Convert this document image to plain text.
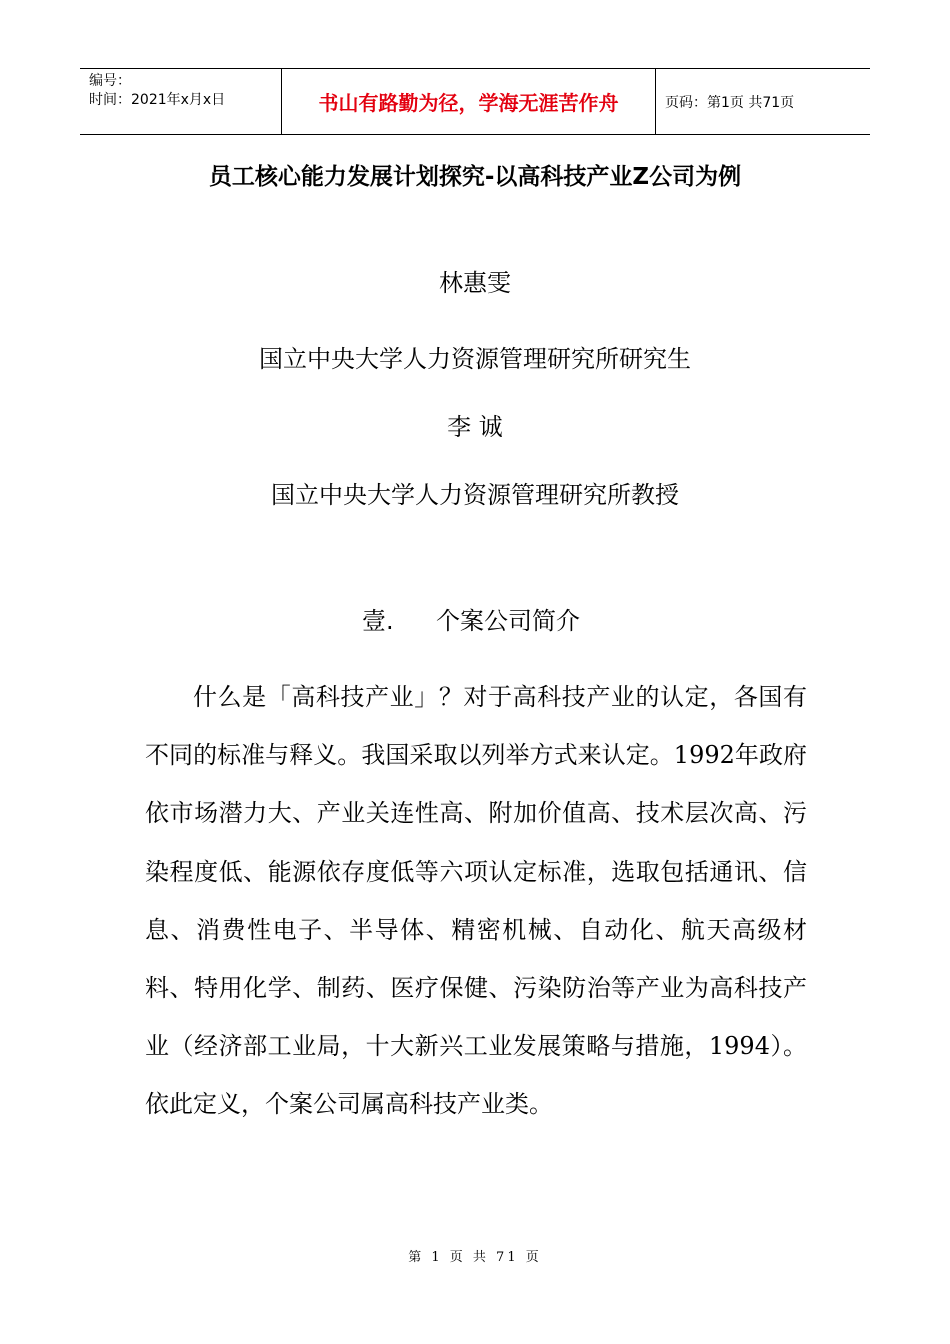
编号：
时间：2021年x月x日	书山有路勤为径，学海无涯苦作舟	页码：第1页 共71页
员工核心能力发展计划探究-以高科技产业Z公司为例
林惠雯
国立中央大学人力资源管理研究所研究生
李 诚
国立中央大学人力资源管理研究所教授
壹. 个案公司简介

什么是「高科技产业」？对于高科技产业的认定，各国有不同的标准与释义。我国采取以列举方式来认定。1992年政府依市场潜力大、产业关连性高、附加价值高、技术层次高、污染程度低、能源依存度低等六项认定标准，选取包括通讯、信息、消费性电子、半导体、精密机械、自动化、航天高级材料、特用化学、制药、医疗保健、污染防治等产业为高科技产业（经济部工业局，十大新兴工业发展策略与措施，1994）。依此定义，个案公司属高科技产业类。

第 1 页 共 71 页
